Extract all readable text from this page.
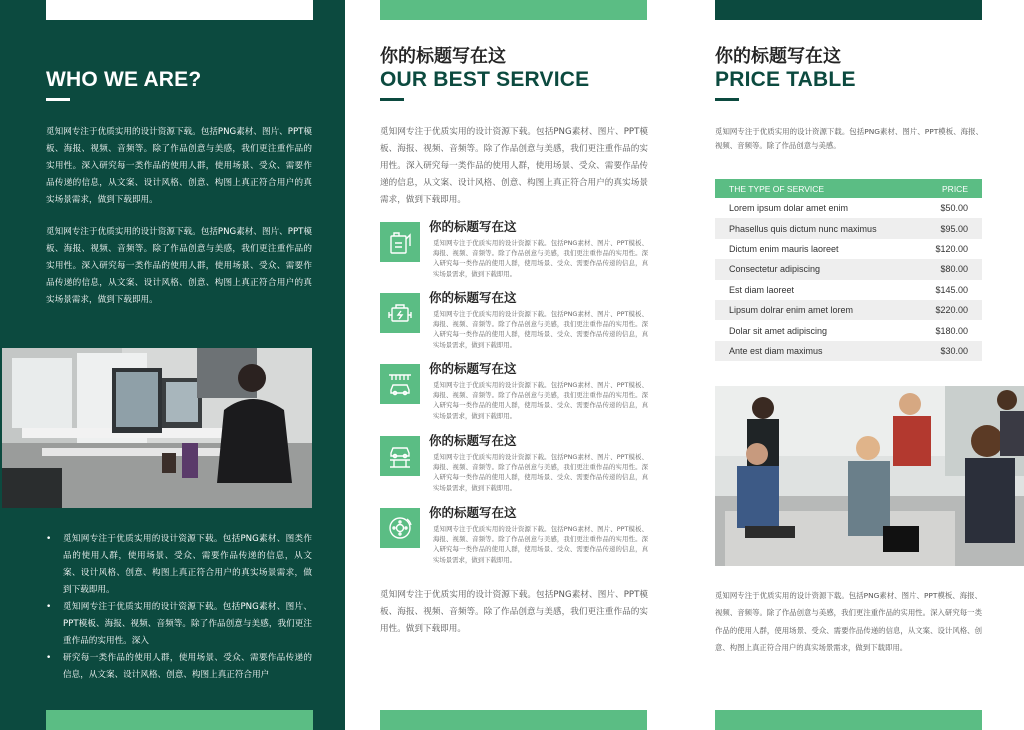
WHO WE ARE?
觅知网专注于优质实用的设计资源下载。包括PNG素材、图片、PPT模板、海报、视频、音频等。除了作品创意与美感，我们更注重作品的实用性。深入研究每一类作品的使用人群，使用场景、受众、需要作品传递的信息，从文案、设计风格、创意、构图上真正符合用户的真实场景需求，做到下载即用。
觅知网专注于优质实用的设计资源下载。包括PNG素材、图片、PPT模板、海报、视频、音频等。除了作品创意与美感，我们更注重作品的实用性。深入研究每一类作品的使用人群，使用场景、受众、需要作品传递的信息，从文案、设计风格、创意、构图上真正符合用户的真实场景需求，做到下载即用。
• 觅知网专注于优质实用的设计资源下载。包括PNG素材、图类作品的使用人群，使用场景、受众、需要作品传递的信息，从文案、设计风格、创意、构图上真正符合用户的真实场景需求，做到下载即用。
• 觅知网专注于优质实用的设计资源下载。包括PNG素材、图片、PPT模板、海报、视频、音频等。除了作品创意与美感，我们更注重作品的实用性。深入
• 研究每一类作品的使用人群，使用场景、受众、需要作品传递的信息，从文案、设计风格、创意、构图上真正符合用户
你的标题写在这
OUR BEST SERVICE
觅知网专注于优质实用的设计资源下载。包括PNG素材、图片、PPT模板、海报、视频、音频等。除了作品创意与美感，我们更注重作品的实用性。深入研究每一类作品的使用人群，使用场景、受众、需要作品传递的信息，从文案、设计风格、创意、构图上真正符合用户的真实场景需求，做到下载即用。
你的标题写在这
觅知网专注于优质实用的设计资源下载。包括PNG素材、图片、PPT模板、海报、视频、音频等。除了作品创意与美感，我们更注重作品的实用性。深入研究每一类作品的使用人群，使用场景、受众、需要作品传递的信息，真实场景需求，做到下载即用。
你的标题写在这
觅知网专注于优质实用的设计资源下载。包括PNG素材、图片、PPT模板、海报、视频、音频等。除了作品创意与美感，我们更注重作品的实用性。深入研究每一类作品的使用人群，使用场景、受众、需要作品传递的信息，真实场景需求，做到下载即用。
你的标题写在这
觅知网专注于优质实用的设计资源下载。包括PNG素材、图片、PPT模板、海报、视频、音频等。除了作品创意与美感，我们更注重作品的实用性。深入研究每一类作品的使用人群，使用场景、受众、需要作品传递的信息，真实场景需求，做到下载即用。
你的标题写在这
觅知网专注于优质实用的设计资源下载。包括PNG素材、图片、PPT模板、海报、视频、音频等。除了作品创意与美感，我们更注重作品的实用性。深入研究每一类作品的使用人群，使用场景、受众、需要作品传递的信息，真实场景需求，做到下载即用。
你的标题写在这
觅知网专注于优质实用的设计资源下载。包括PNG素材、图片、PPT模板、海报、视频、音频等。除了作品创意与美感，我们更注重作品的实用性。深入研究每一类作品的使用人群，使用场景、受众、需要作品传递的信息，真实场景需求，做到下载即用。
觅知网专注于优质实用的设计资源下载。包括PNG素材、图片、PPT模板、海报、视频、音频等。除了作品创意与美感，我们更注重作品的实用性。做到下载即用。
你的标题写在这
PRICE TABLE
觅知网专注于优质实用的设计资源下载。包括PNG素材、图片、PPT模板、海报、视频、音频等。除了作品创意与美感。
THE TYPE OF SERVICE	PRICE
Lorem ipsum dolar amet enim	$50.00
Phasellus quis dictum nunc maximus	$95.00
Dictum enim mauris laoreet	$120.00
Consectetur adipiscing	$80.00
Est diam laoreet	$145.00
Lipsum dolrar enim amet lorem	$220.00
Dolar sit amet adipiscing	$180.00
Ante est diam maximus	$30.00
觅知网专注于优质实用的设计资源下载。包括PNG素材、图片、PPT模板、海报、视频、音频等。除了作品创意与美感，我们更注重作品的实用性。深入研究每一类作品的使用人群，使用场景、受众、需要作品传递的信息，从文案、设计风格、创意、构图上真正符合用户的真实场景需求，做到下载即用。
